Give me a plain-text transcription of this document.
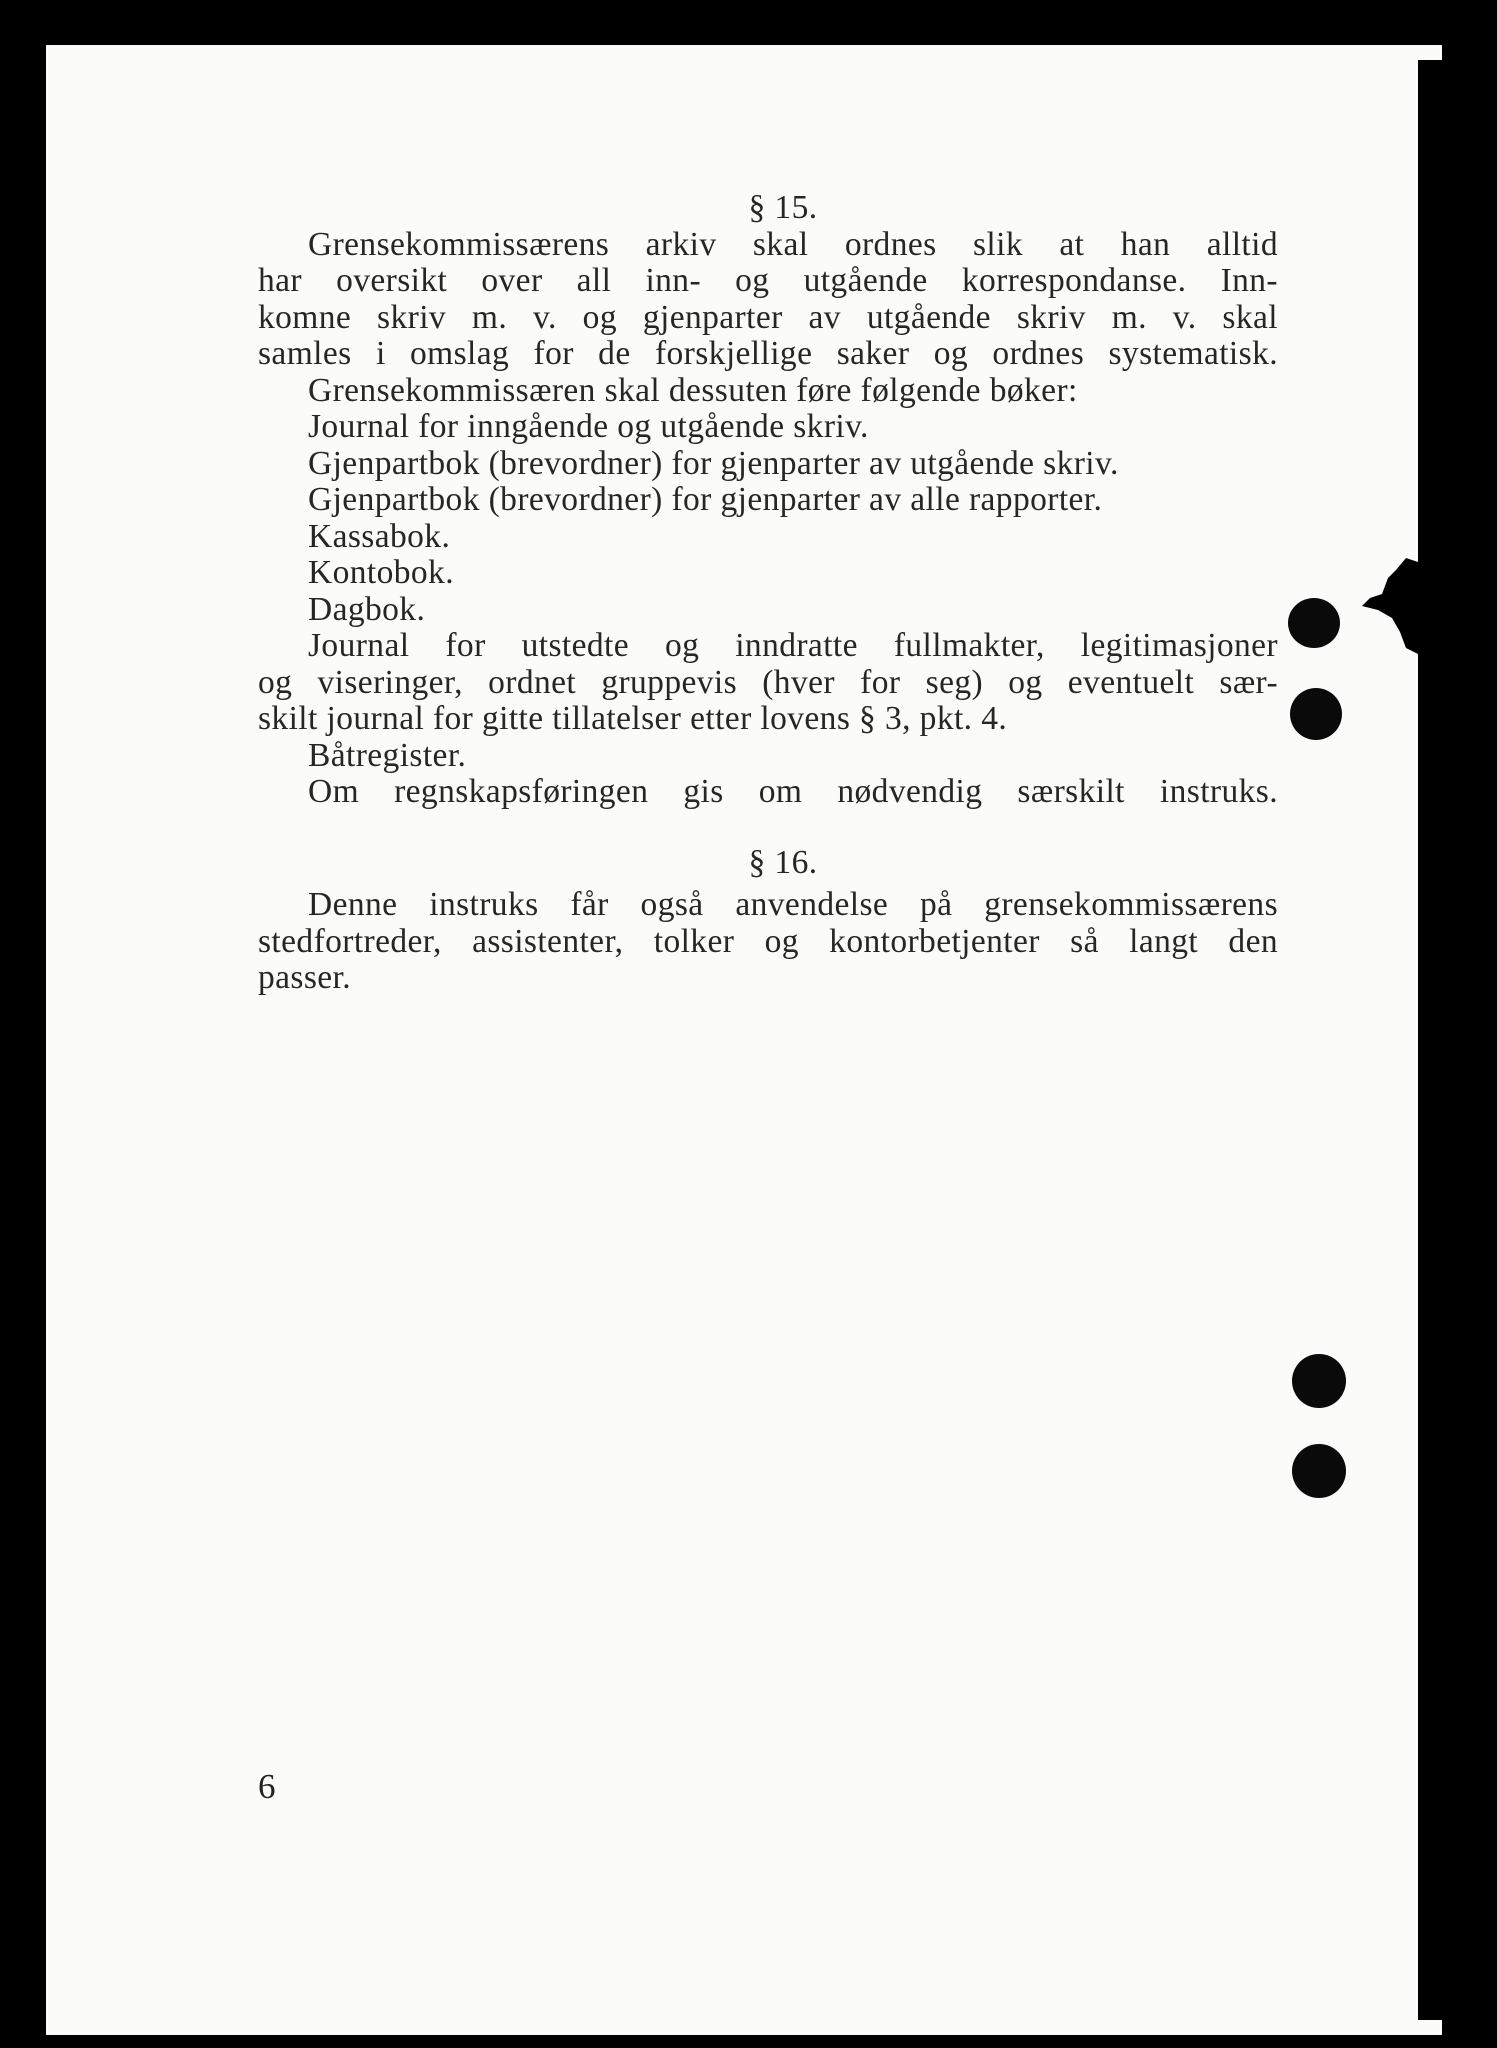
§ 15.

Grensekommissærens arkiv skal ordnes slik at han alltid

har oversikt over all inn- og utgående korrespondanse. Inn-

komne skriv m. v. og gjenparter av utgående skriv m. v. skal

samles i omslag for de forskjellige saker og ordnes systematisk.

Grensekommissæren skal dessuten føre følgende bøker:

Journal for inngående og utgående skriv.

Gjenpartbok (brevordner) for gjenparter av utgående skriv.

Gjenpartbok (brevordner) for gjenparter av alle rapporter.

Kassabok.

Kontobok.

Dagbok.

Journal for utstedte og inndratte fullmakter, legitimasjoner

og viseringer, ordnet gruppevis (hver for seg) og eventuelt sær-

skilt journal for gitte tillatelser etter lovens § 3, pkt. 4.

Båtregister.

Om regnskapsføringen gis om nødvendig særskilt instruks.

§ 16.

Denne instruks får også anvendelse på grensekommissærens

stedfortreder, assistenter, tolker og kontorbetjenter så langt den

passer.

6
